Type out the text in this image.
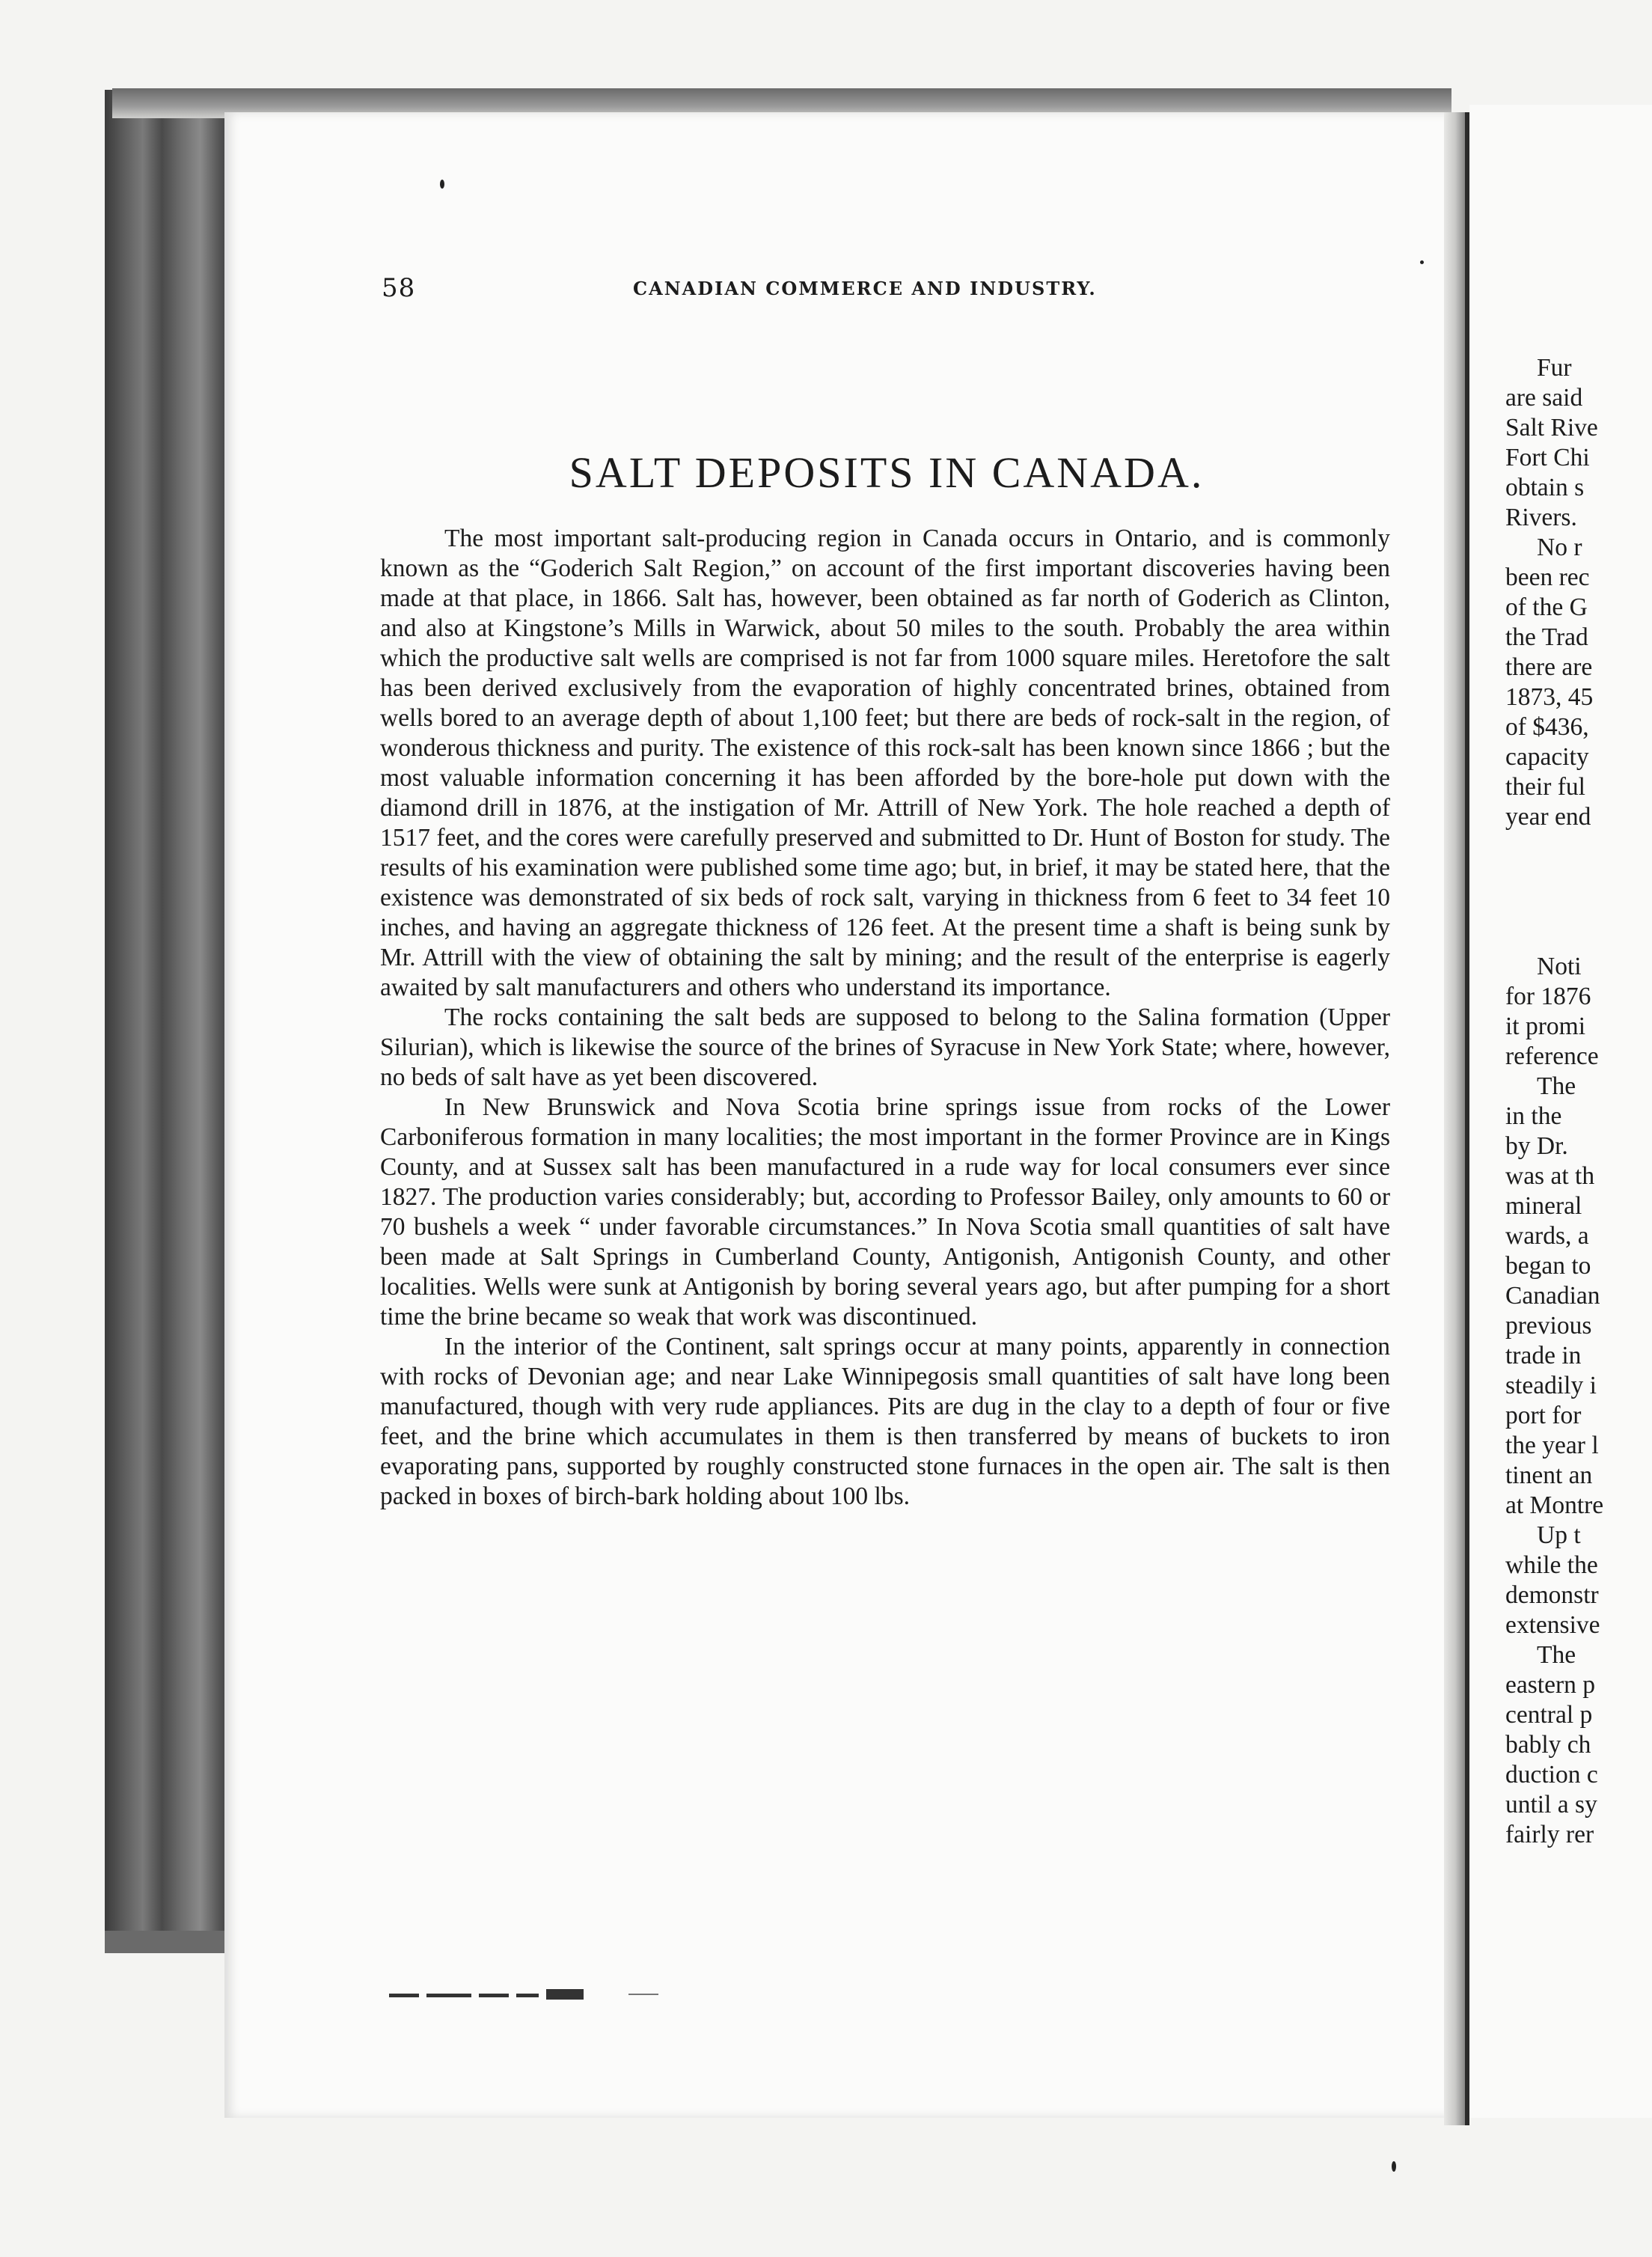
58	CANADIAN COMMERCE AND INDUSTRY.
SALT DEPOSITS IN CANADA.

The most important salt-producing region in Canada occurs in Ontario, and is commonly known as the “Goderich Salt Region,” on account of the first important discoveries having been made at that place, in 1866. Salt has, however, been obtained as far north of Goderich as Clinton, and also at Kingstone’s Mills in Warwick, about 50 miles to the south. Probably the area within which the productive salt wells are comprised is not far from 1000 square miles. Heretofore the salt has been derived exclusively from the evaporation of highly concentrated brines, obtained from wells bored to an average depth of about 1,100 feet; but there are beds of rock-salt in the region, of wonderous thickness and purity. The existence of this rock-salt has been known since 1866 ; but the most valuable information concerning it has been afforded by the bore-hole put down with the diamond drill in 1876, at the instigation of Mr. Attrill of New York. The hole reached a depth of 1517 feet, and the cores were carefully preserved and submitted to Dr. Hunt of Boston for study. The results of his examination were published some time ago; but, in brief, it may be stated here, that the existence was demonstrated of six beds of rock salt, varying in thickness from 6 feet to 34 feet 10 inches, and having an aggregate thickness of 126 feet. At the present time a shaft is being sunk by Mr. Attrill with the view of obtaining the salt by mining; and the result of the enterprise is eagerly awaited by salt manufacturers and others who understand its importance.

The rocks containing the salt beds are supposed to belong to the Salina formation (Upper Silurian), which is likewise the source of the brines of Syracuse in New York State; where, however, no beds of salt have as yet been discovered.

In New Brunswick and Nova Scotia brine springs issue from rocks of the Lower Carboniferous formation in many localities; the most important in the former Province are in Kings County, and at Sussex salt has been manufactured in a rude way for local consumers ever since 1827. The production varies considerably; but, according to Professor Bailey, only amounts to 60 or 70 bushels a week “ under favorable circumstances.” In Nova Scotia small quantities of salt have been made at Salt Springs in Cumberland County, Antigonish, Antigonish County, and other localities. Wells were sunk at Antigonish by boring several years ago, but after pumping for a short time the brine became so weak that work was discontinued.

In the interior of the Continent, salt springs occur at many points, apparently in connection with rocks of Devonian age; and near Lake Winnipegosis small quantities of salt have long been manufactured, though with very rude appliances. Pits are dug in the clay to a depth of four or five feet, and the brine which accumulates in them is then transferred by means of buckets to iron evaporating pans, supported by roughly constructed stone furnaces in the open air. The salt is then packed in boxes of birch-bark holding about 100 lbs.

Fur
are said
Salt Rive
Fort Chi
obtain s
Rivers.
No r
been rec
of the G
the Trad
there are
1873, 45
of $436,
capacity
their ful
year end
Noti
for 1876
it promi
reference
The
in the
by Dr.
was at th
mineral
wards, a
began to
Canadian
previous
trade in
steadily i
port for
the year l
tinent an
at Montre
Up t
while the
demonstr
extensive
The
eastern p
central p
bably ch
duction c
until a sy
fairly rer
